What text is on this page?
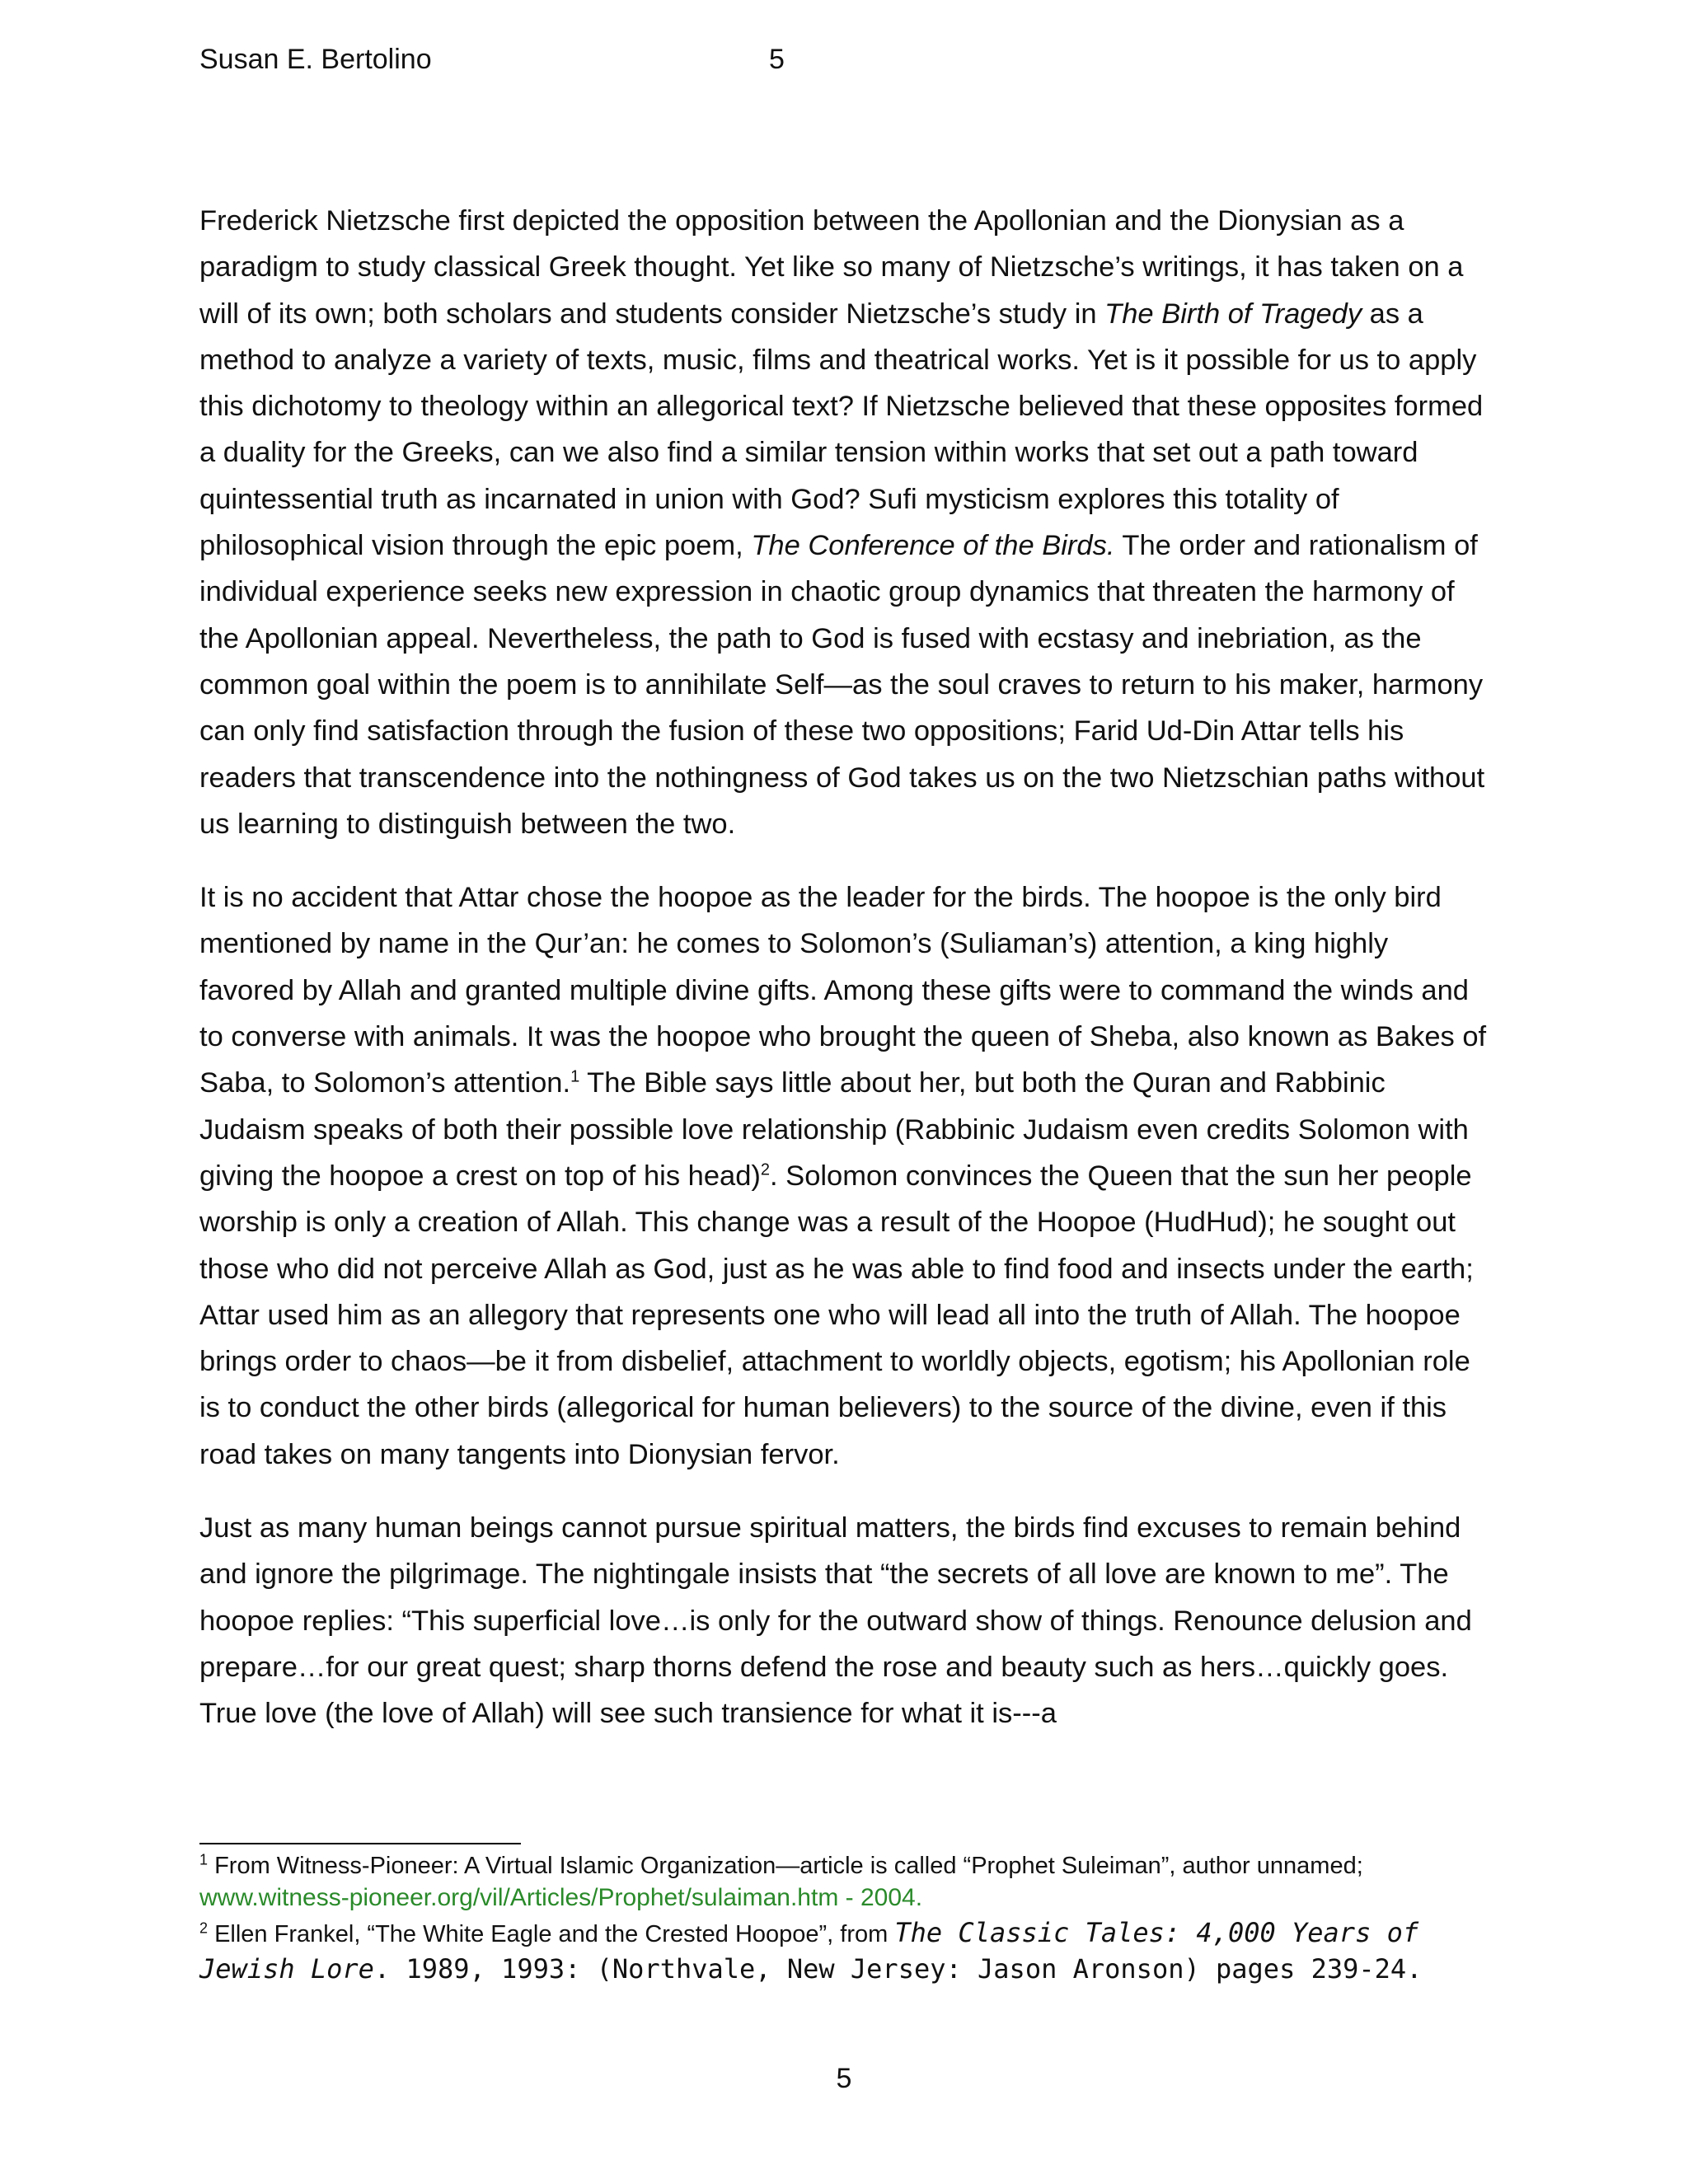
Susan E. Bertolino	5

Frederick Nietzsche first depicted the opposition between the Apollonian and the Dionysian as a paradigm to study classical Greek thought. Yet like so many of Nietzsche’s writings, it has taken on a will of its own; both scholars and students consider Nietzsche’s study in The Birth of Tragedy as a method to analyze a variety of texts, music, films and theatrical works. Yet is it possible for us to apply this dichotomy to theology within an allegorical text? If Nietzsche believed that these opposites formed a duality for the Greeks, can we also find a similar tension within works that set out a path toward quintessential truth as incarnated in union with God? Sufi mysticism explores this totality of philosophical vision through the epic poem, The Conference of the Birds. The order and rationalism of individual experience seeks new expression in chaotic group dynamics that threaten the harmony of the Apollonian appeal. Nevertheless, the path to God is fused with ecstasy and inebriation, as the common goal within the poem is to annihilate Self—as the soul craves to return to his maker, harmony can only find satisfaction through the fusion of these two oppositions; Farid Ud-Din Attar tells his readers that transcendence into the nothingness of God takes us on the two Nietzschian paths without us learning to distinguish between the two.

It is no accident that Attar chose the hoopoe as the leader for the birds. The hoopoe is the only bird mentioned by name in the Qur’an: he comes to Solomon’s (Suliaman’s) attention, a king highly favored by Allah and granted multiple divine gifts. Among these gifts were to command the winds and to converse with animals. It was the hoopoe who brought the queen of Sheba, also known as Bakes of Saba, to Solomon’s attention.$^1$ The Bible says little about her, but both the Quran and Rabbinic Judaism speaks of both their possible love relationship (Rabbinic Judaism even credits Solomon with giving the hoopoe a crest on top of his head)$^2$. Solomon convinces the Queen that the sun her people worship is only a creation of Allah. This change was a result of the Hoopoe (HudHud); he sought out those who did not perceive Allah as God, just as he was able to find food and insects under the earth; Attar used him as an allegory that represents one who will lead all into the truth of Allah. The hoopoe brings order to chaos—be it from disbelief, attachment to worldly objects, egotism; his Apollonian role is to conduct the other birds (allegorical for human believers) to the source of the divine, even if this road takes on many tangents into Dionysian fervor.

Just as many human beings cannot pursue spiritual matters, the birds find excuses to remain behind and ignore the pilgrimage. The nightingale insists that “the secrets of all love are known to me”. The hoopoe replies: “This superficial love…is only for the outward show of things. Renounce delusion and prepare…for our great quest; sharp thorns defend the rose and beauty such as hers…quickly goes. True love (the love of Allah) will see such transience for what it is---a

$^1$ From Witness-Pioneer: A Virtual Islamic Organization—article is called “Prophet Suleiman”, author unnamed;
www.witness-pioneer.org/vil/Articles/Prophet/sulaiman.htm - 2004.

$^2$ Ellen Frankel, “The White Eagle and the Crested Hoopoe”, from The Classic Tales: 4,000 Years of Jewish Lore. 1989, 1993: (Northvale, New Jersey: Jason Aronson) pages 239-24.

5
